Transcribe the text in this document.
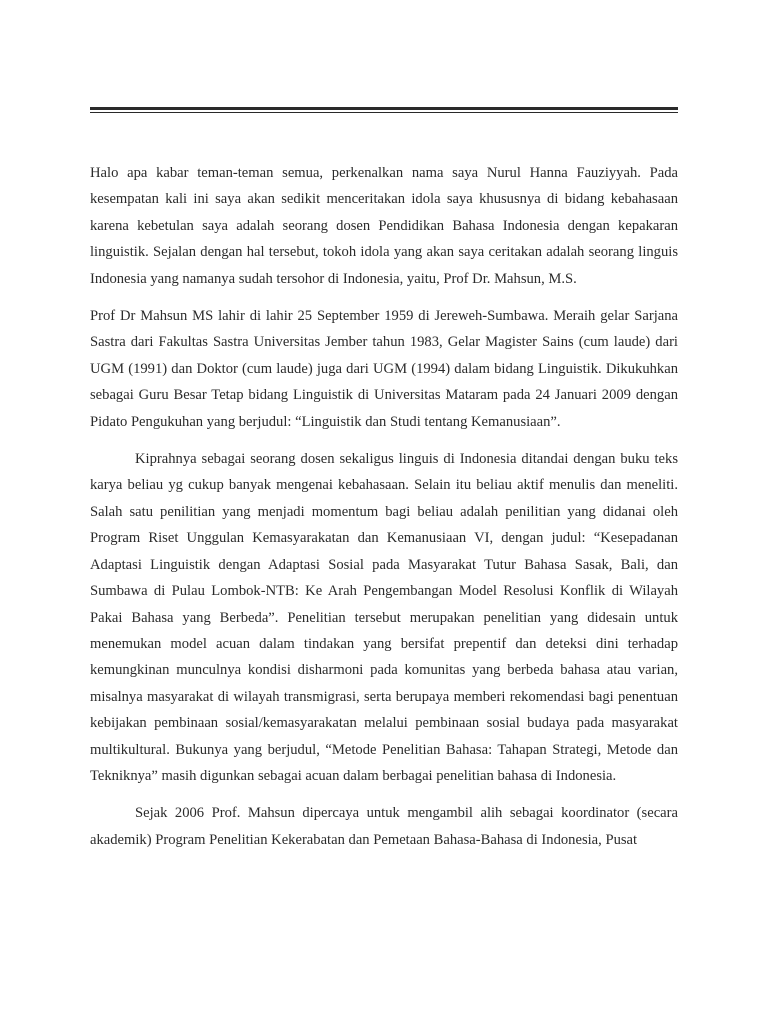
Halo apa kabar teman-teman semua, perkenalkan nama saya Nurul Hanna Fauziyyah. Pada kesempatan kali ini saya akan sedikit menceritakan idola saya khususnya di bidang kebahasaan karena kebetulan saya adalah seorang dosen Pendidikan Bahasa Indonesia dengan kepakaran linguistik. Sejalan dengan hal tersebut, tokoh idola yang akan saya ceritakan adalah seorang linguis Indonesia yang namanya sudah tersohor di Indonesia, yaitu, Prof Dr. Mahsun, M.S.

Prof Dr Mahsun MS lahir di lahir 25 September 1959 di Jereweh-Sumbawa. Meraih gelar Sarjana Sastra dari Fakultas Sastra Universitas Jember tahun 1983, Gelar Magister Sains (cum laude) dari UGM (1991) dan Doktor (cum laude) juga dari UGM (1994) dalam bidang Linguistik. Dikukuhkan sebagai Guru Besar Tetap bidang Linguistik di Universitas Mataram pada 24 Januari 2009 dengan Pidato Pengukuhan yang berjudul: “Linguistik dan Studi tentang Kemanusiaan”.

Kiprahnya sebagai seorang dosen sekaligus linguis di Indonesia ditandai dengan buku teks karya beliau yg cukup banyak mengenai kebahasaan. Selain itu beliau aktif menulis dan meneliti. Salah satu penilitian yang menjadi momentum bagi beliau adalah penilitian yang didanai oleh Program Riset Unggulan Kemasyarakatan dan Kemanusiaan VI, dengan judul: “Kesepadanan Adaptasi Linguistik dengan Adaptasi Sosial pada Masyarakat Tutur Bahasa Sasak, Bali, dan Sumbawa di Pulau Lombok-NTB: Ke Arah Pengembangan Model Resolusi Konflik di Wilayah Pakai Bahasa yang Berbeda”. Penelitian tersebut merupakan penelitian yang didesain untuk menemukan model acuan dalam tindakan yang bersifat prepentif dan deteksi dini terhadap kemungkinan munculnya kondisi disharmoni pada komunitas yang berbeda bahasa atau varian, misalnya masyarakat di wilayah transmigrasi, serta berupaya memberi rekomendasi bagi penentuan kebijakan pembinaan sosial/kemasyarakatan melalui pembinaan sosial budaya pada masyarakat multikultural. Bukunya yang berjudul, “Metode Penelitian Bahasa: Tahapan Strategi, Metode dan Tekniknya” masih digunkan sebagai acuan dalam berbagai penelitian bahasa di Indonesia.

Sejak 2006 Prof. Mahsun dipercaya untuk mengambil alih sebagai koordinator (secara akademik) Program Penelitian Kekerabatan dan Pemetaan Bahasa-Bahasa di Indonesia, Pusat
